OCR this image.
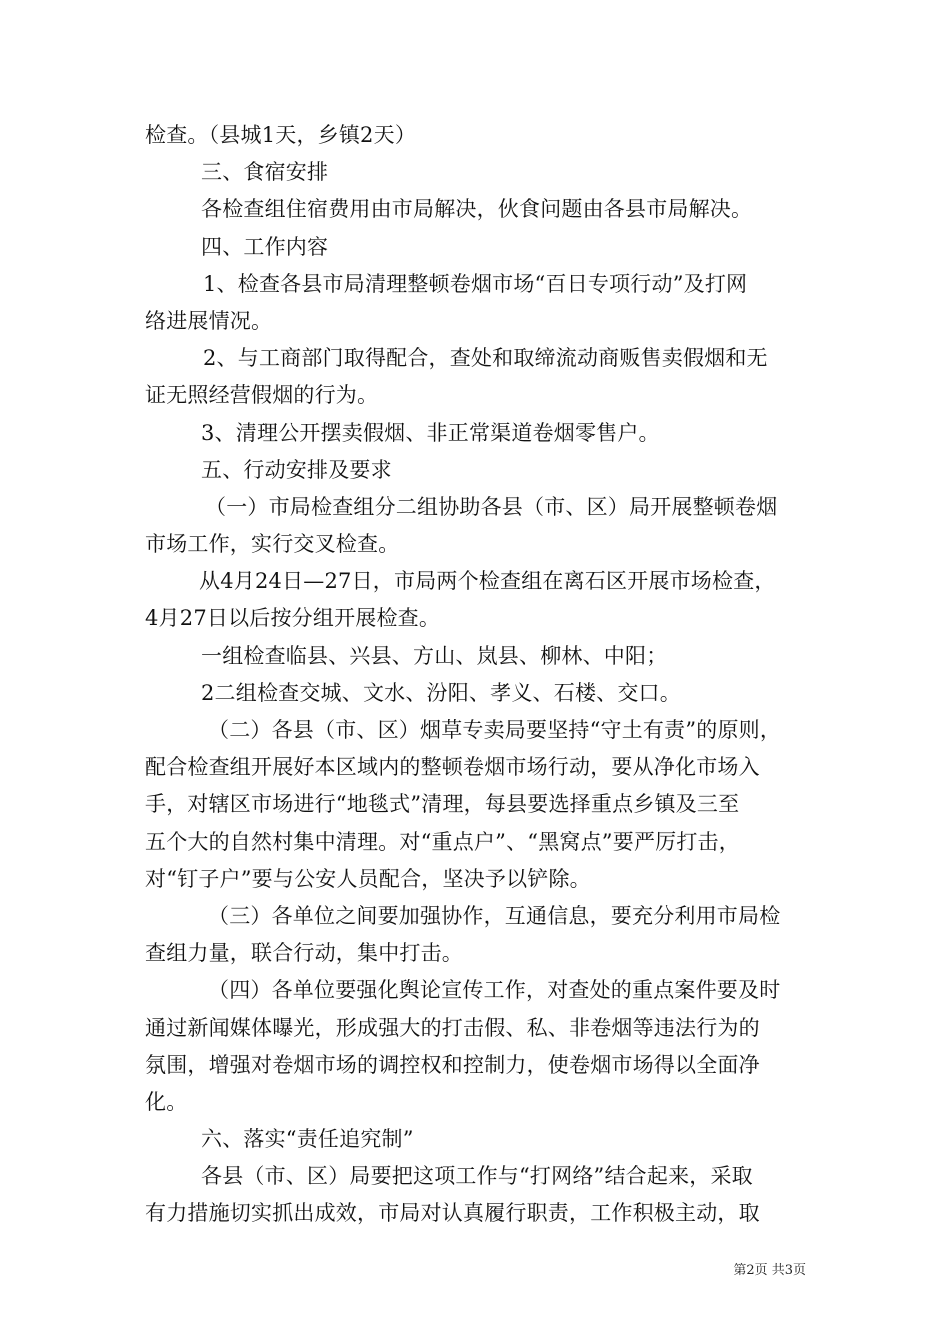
检查。（县城1天，乡镇2天）
三、食宿安排
各检查组住宿费用由市局解决，伙食问题由各县市局解决。
四、工作内容
1、检查各县市局清理整顿卷烟市场“百日专项行动”及打网
络进展情况。
2、与工商部门取得配合，查处和取缔流动商贩售卖假烟和无
证无照经营假烟的行为。
3、清理公开摆卖假烟、非正常渠道卷烟零售户。
五、行动安排及要求
（一）市局检查组分二组协助各县（市、区）局开展整顿卷烟
市场工作，实行交叉检查。
从4月24日—27日，市局两个检查组在离石区开展市场检查，
4月27日以后按分组开展检查。
一组检查临县、兴县、方山、岚县、柳林、中阳；
2二组检查交城、文水、汾阳、孝义、石楼、交口。
（二）各县（市、区）烟草专卖局要坚持“守土有责”的原则，
配合检查组开展好本区域内的整顿卷烟市场行动，要从净化市场入
手，对辖区市场进行“地毯式”清理，每县要选择重点乡镇及三至
五个大的自然村集中清理。对“重点户”、“黑窝点”要严厉打击，
对“钉子户”要与公安人员配合，坚决予以铲除。
（三）各单位之间要加强协作，互通信息，要充分利用市局检
查组力量，联合行动，集中打击。
（四）各单位要强化舆论宣传工作，对查处的重点案件要及时
通过新闻媒体曝光，形成强大的打击假、私、非卷烟等违法行为的
氛围，增强对卷烟市场的调控权和控制力，使卷烟市场得以全面净
化。
六、落实“责任追究制”
各县（市、区）局要把这项工作与“打网络”结合起来，采取
有力措施切实抓出成效，市局对认真履行职责，工作积极主动，取
第2页 共3页
